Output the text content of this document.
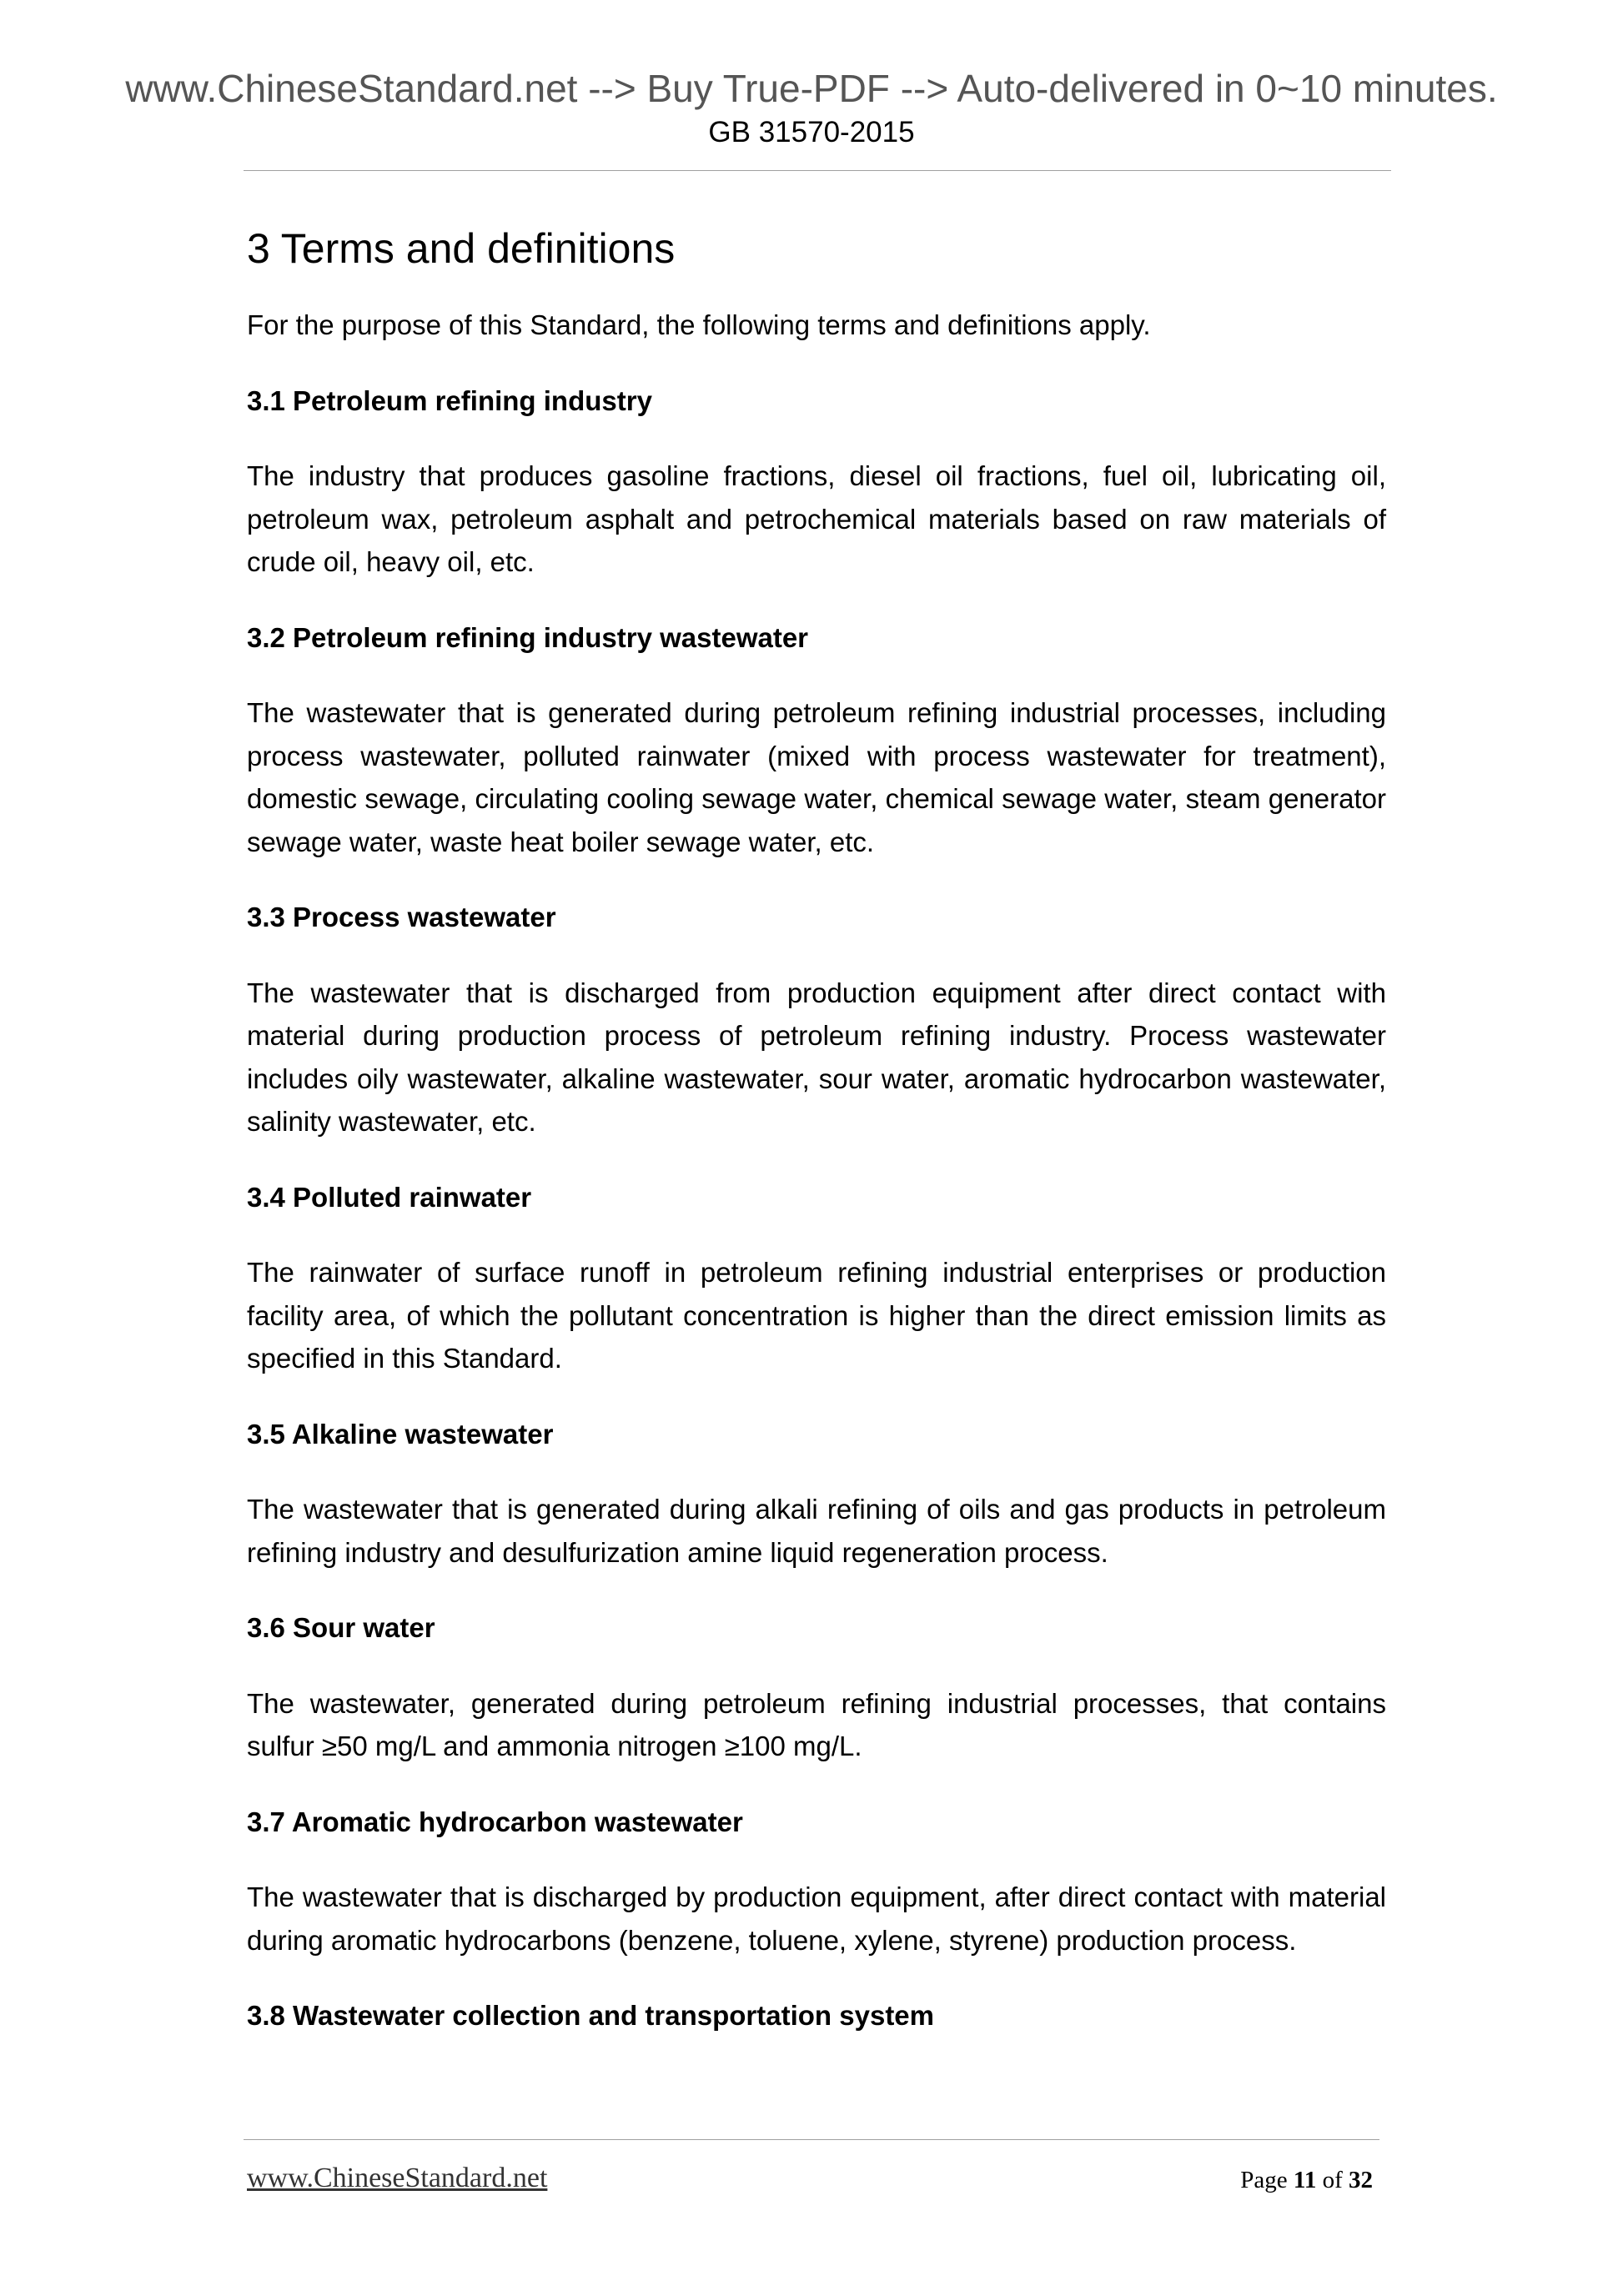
www.ChineseStandard.net --> Buy True-PDF --> Auto-delivered in 0~10 minutes.
GB 31570-2015
3 Terms and definitions

For the purpose of this Standard, the following terms and definitions apply.

3.1 Petroleum refining industry

The industry that produces gasoline fractions, diesel oil fractions, fuel oil, lubricating oil, petroleum wax, petroleum asphalt and petrochemical materials based on raw materials of crude oil, heavy oil, etc.

3.2 Petroleum refining industry wastewater

The wastewater that is generated during petroleum refining industrial processes, including process wastewater, polluted rainwater (mixed with process wastewater for treatment), domestic sewage, circulating cooling sewage water, chemical sewage water, steam generator sewage water, waste heat boiler sewage water, etc.

3.3 Process wastewater

The wastewater that is discharged from production equipment after direct contact with material during production process of petroleum refining industry. Process wastewater includes oily wastewater, alkaline wastewater, sour water, aromatic hydrocarbon wastewater, salinity wastewater, etc.

3.4 Polluted rainwater

The rainwater of surface runoff in petroleum refining industrial enterprises or production facility area, of which the pollutant concentration is higher than the direct emission limits as specified in this Standard.

3.5 Alkaline wastewater

The wastewater that is generated during alkali refining of oils and gas products in petroleum refining industry and desulfurization amine liquid regeneration process.

3.6 Sour water

The wastewater, generated during petroleum refining industrial processes, that contains sulfur ≥50 mg/L and ammonia nitrogen ≥100 mg/L.

3.7 Aromatic hydrocarbon wastewater

The wastewater that is discharged by production equipment, after direct contact with material during aromatic hydrocarbons (benzene, toluene, xylene, styrene) production process.

3.8 Wastewater collection and transportation system
www.ChineseStandard.net	Page 11 of 32
